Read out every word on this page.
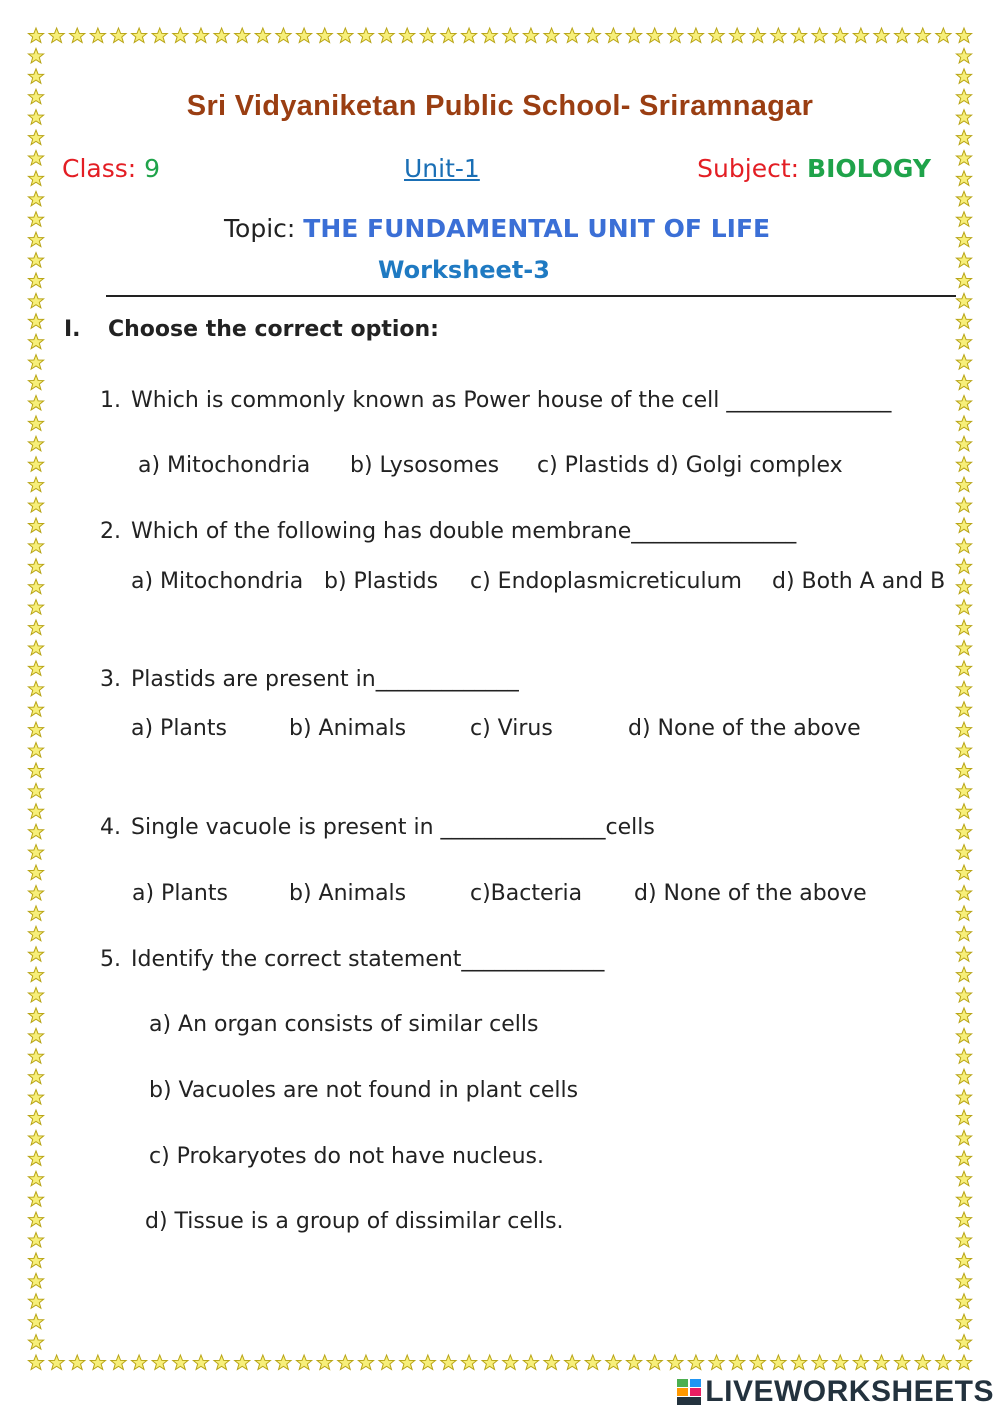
Sri Vidyaniketan Public School- Sriramnagar
Class: 9	Unit-1	Subject: BIOLOGY
Topic: THE FUNDAMENTAL UNIT OF LIFE
Worksheet-3
I. Choose the correct option:
1. Which is commonly known as Power house of the cell _______________
a) Mitochondria b) Lysosomes c) Plastids d) Golgi complex
2. Which of the following has double membrane_______________
a) Mitochondria b) Plastids c) Endoplasmicreticulum d) Both A and B
3. Plastids are present in_____________
a) Plants	b) Animals	c) Virus	d) None of the above
4. Single vacuole is present in _______________cells
a) Plants	b) Animals	c)Bacteria d) None of the above
5. Identify the correct statement_____________
a) An organ consists of similar cells
b) Vacuoles are not found in plant cells
c) Prokaryotes do not have nucleus.
d) Tissue is a group of dissimilar cells.
LIVEWORKSHEETS
